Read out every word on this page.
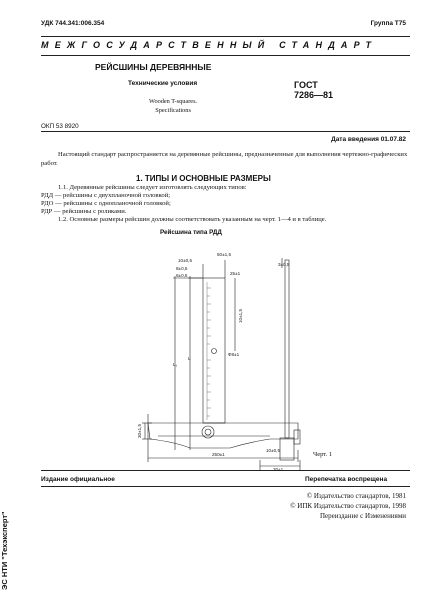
УДК 744.341:006.354	Группа Т75
МЕЖГОСУДАРСТВЕННЫЙ СТАНДАРТ
РЕЙСШИНЫ ДЕРЕВЯННЫЕ
Технические условия
Wooden T-squares.
Specifications
ГОСТ
7286—81
ОКП 53 8920
Дата введения 01.07.82
Настоящий стандарт распространяется на деревянные рейсшины, предназначенные для выполнения чертежно-графических работ.
1. ТИПЫ И ОСНОВНЫЕ РАЗМЕРЫ
1.1. Деревянные рейсшины следует изготовлять следующих типов:
РДД — рейсшины с двухпланочной головкой;
РДО — рейсшины с однопланочной головкой;
РДР — рейсшины с роликами.
1.2. Основные размеры рейсшин должны соответствовать указанным на черт. 1—4 и в таблице.
Рейсшина типа РДД
50±1,5
10±0,5
8±0,5
6±0,5	25±1
10±1,5
Ф8±1
L
L₁
30±1,5
250±1
3±0,5
10±0,5
20±1
Черт. 1
Издание официальное	Перепечатка воспрещена
© Издательство стандартов, 1981
© ИПК Издательство стандартов, 1998
Переиздание с Изменениями
ЭС НТИ "Техэксперт"
